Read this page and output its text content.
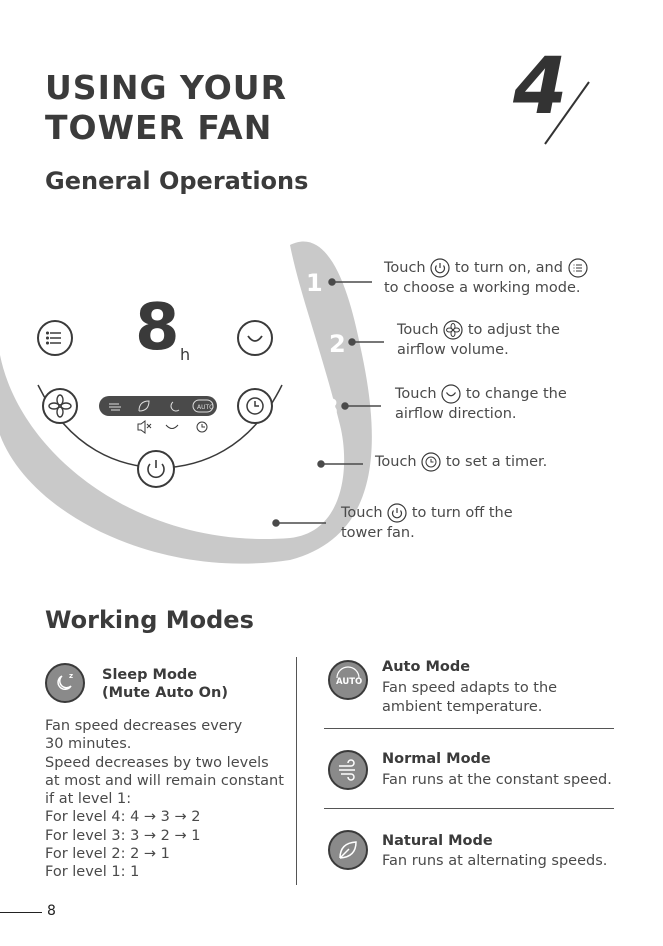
USING YOUR
TOWER FAN	4
General Operations
8 h
AUTO
1
2
3
4
5
Touch to turn on, and
to choose a working mode.
Touch to adjust the
airflow volume.
Touch to change the
airflow direction.
Touch to set a timer.
Touch to turn off the
tower fan.
Working Modes
z Sleep Mode
(Mute Auto On)
Fan speed decreases every
30 minutes.
Speed decreases by two levels
at most and will remain constant
if at level 1:
For level 4: 4 → 3 → 2
For level 3: 3 → 2 → 1
For level 2: 2 → 1
For level 1: 1
AUTO
Auto Mode
Fan speed adapts to the
ambient temperature.
Normal Mode
Fan runs at the constant speed.
Natural Mode
Fan runs at alternating speeds.
8
